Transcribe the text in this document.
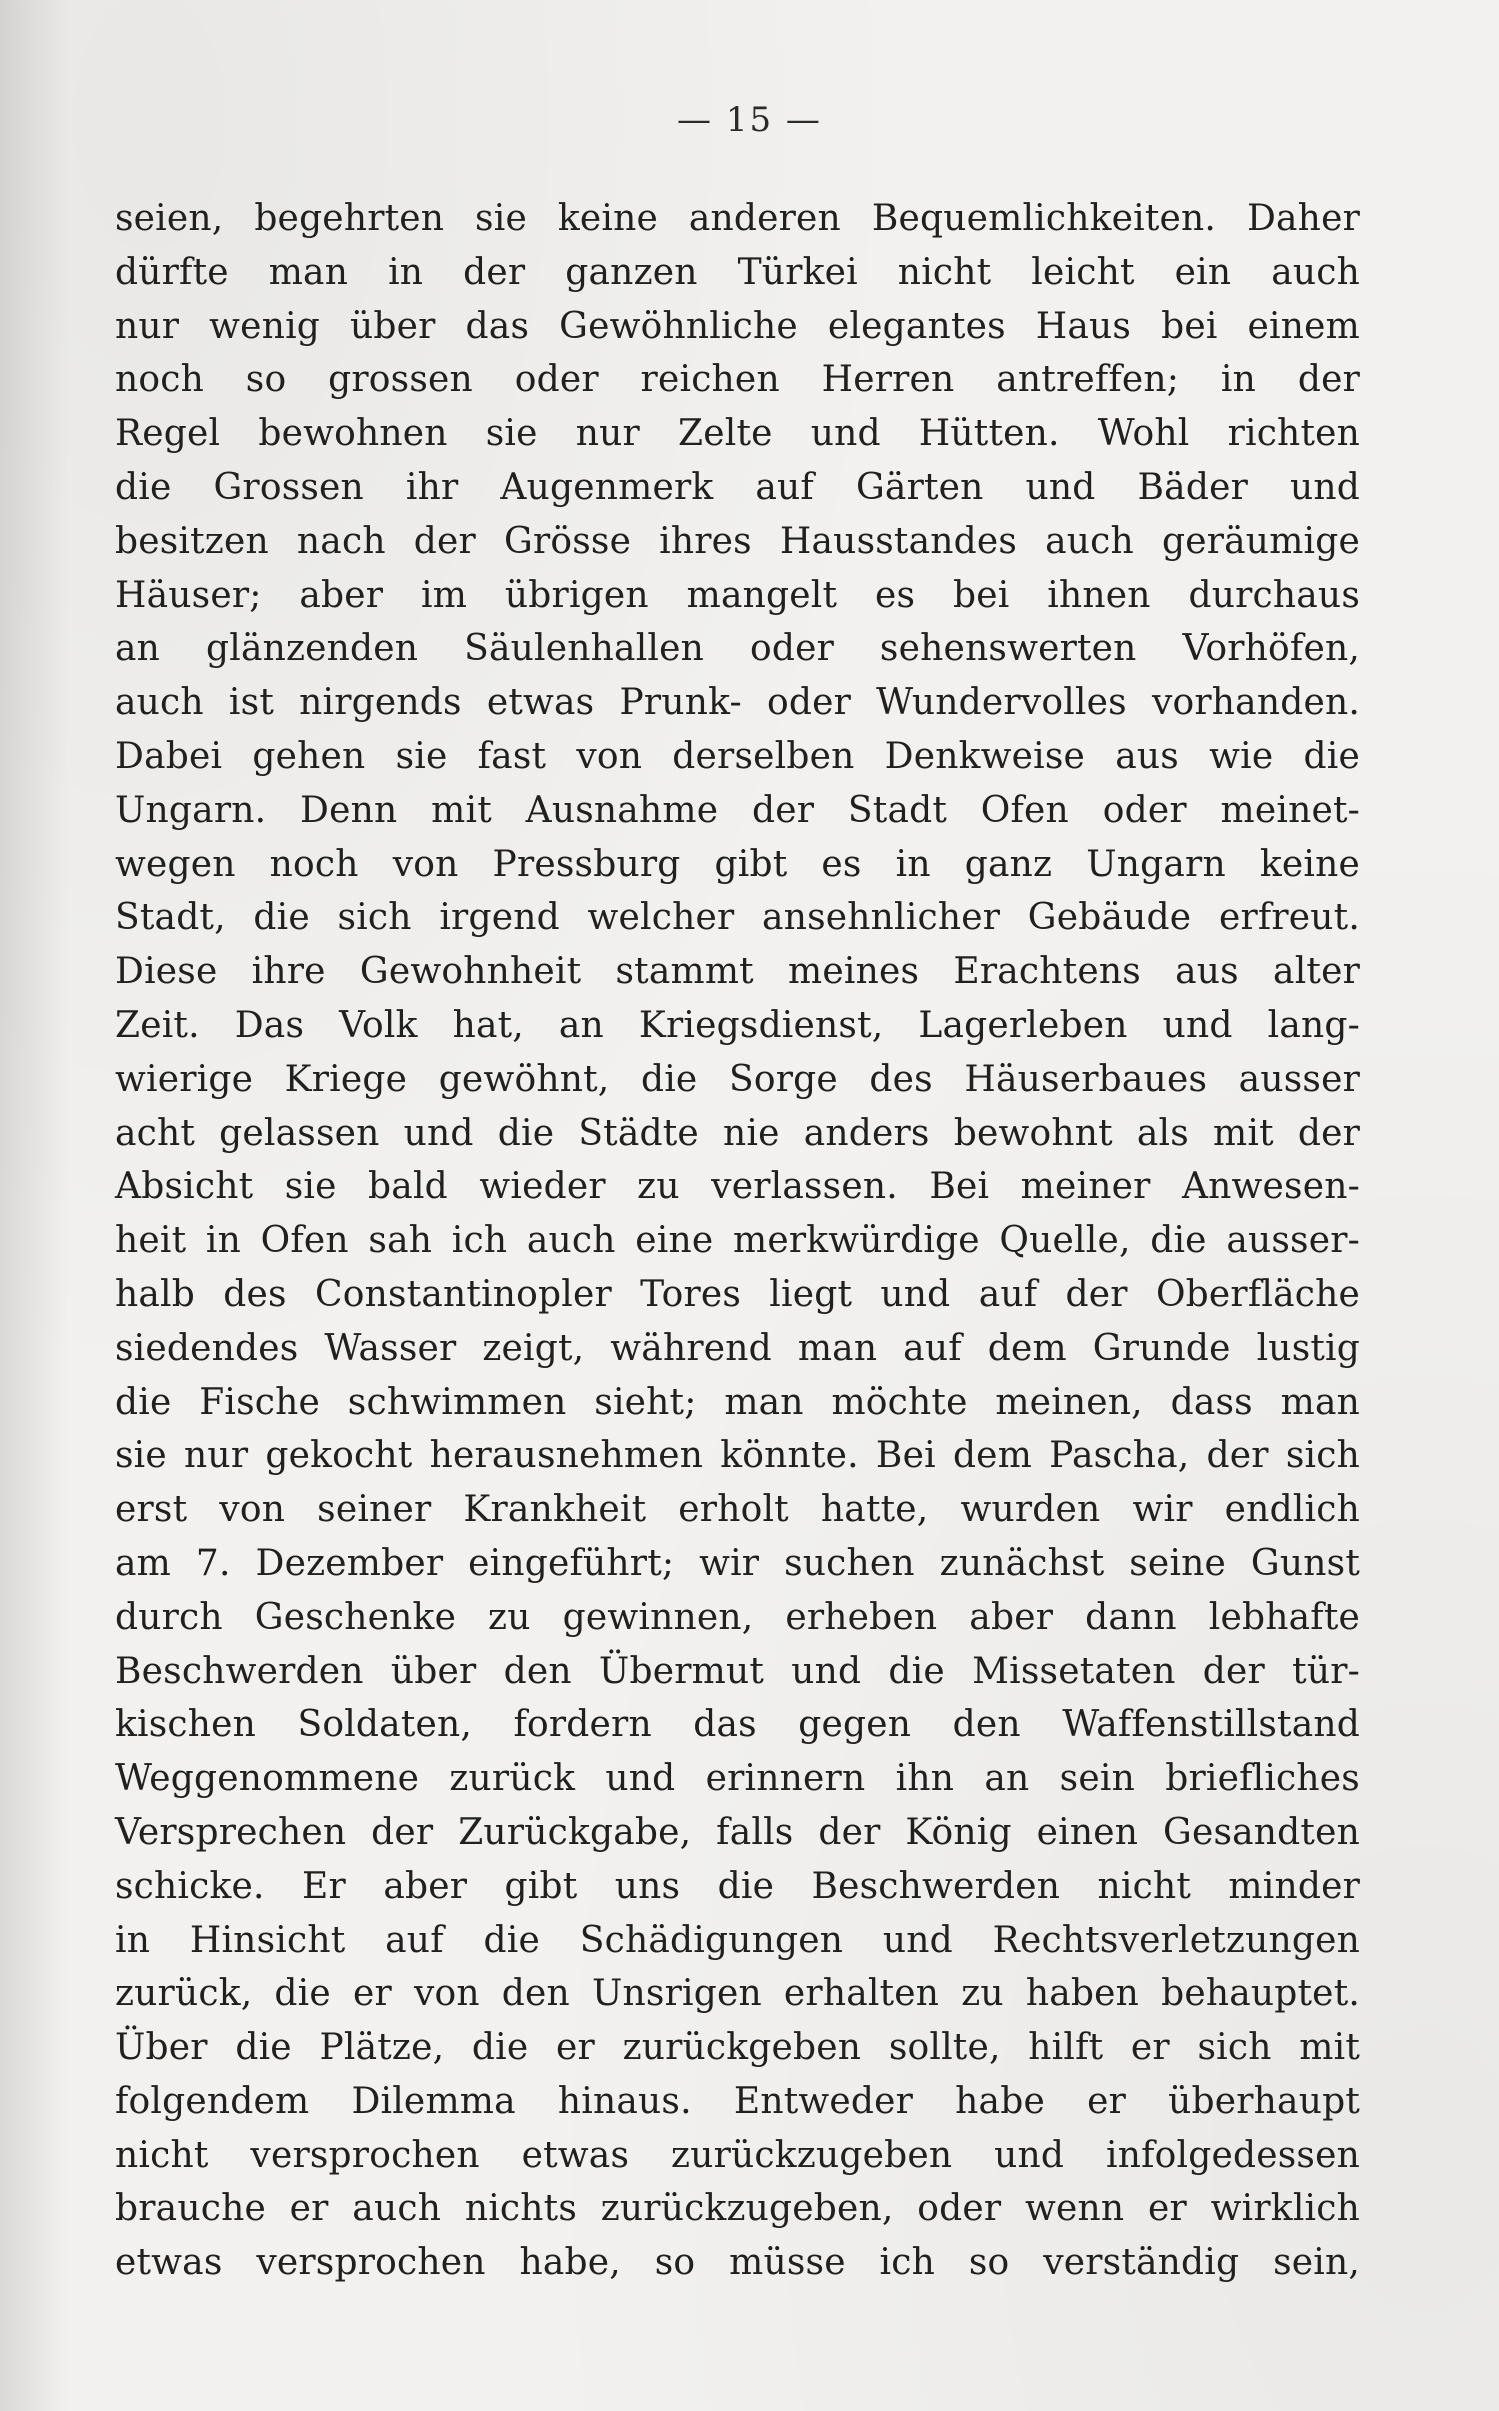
— 15 —
seien, begehrten sie keine anderen Bequemlichkeiten. Daher
dürfte man in der ganzen Türkei nicht leicht ein auch
nur wenig über das Gewöhnliche elegantes Haus bei einem
noch so grossen oder reichen Herren antreffen; in der
Regel bewohnen sie nur Zelte und Hütten. Wohl richten
die Grossen ihr Augenmerk auf Gärten und Bäder und
besitzen nach der Grösse ihres Hausstandes auch geräumige
Häuser; aber im übrigen mangelt es bei ihnen durchaus
an glänzenden Säulenhallen oder sehenswerten Vorhöfen,
auch ist nirgends etwas Prunk- oder Wundervolles vorhanden.
Dabei gehen sie fast von derselben Denkweise aus wie die
Ungarn. Denn mit Ausnahme der Stadt Ofen oder meinet-
wegen noch von Pressburg gibt es in ganz Ungarn keine
Stadt, die sich irgend welcher ansehnlicher Gebäude erfreut.
Diese ihre Gewohnheit stammt meines Erachtens aus alter
Zeit. Das Volk hat, an Kriegsdienst, Lagerleben und lang-
wierige Kriege gewöhnt, die Sorge des Häuserbaues ausser
acht gelassen und die Städte nie anders bewohnt als mit der
Absicht sie bald wieder zu verlassen. Bei meiner Anwesen-
heit in Ofen sah ich auch eine merkwürdige Quelle, die ausser-
halb des Constantinopler Tores liegt und auf der Oberfläche
siedendes Wasser zeigt, während man auf dem Grunde lustig
die Fische schwimmen sieht; man möchte meinen, dass man
sie nur gekocht herausnehmen könnte. Bei dem Pascha, der sich
erst von seiner Krankheit erholt hatte, wurden wir endlich
am 7. Dezember eingeführt; wir suchen zunächst seine Gunst
durch Geschenke zu gewinnen, erheben aber dann lebhafte
Beschwerden über den Übermut und die Missetaten der tür-
kischen Soldaten, fordern das gegen den Waffenstillstand
Weggenommene zurück und erinnern ihn an sein briefliches
Versprechen der Zurückgabe, falls der König einen Gesandten
schicke. Er aber gibt uns die Beschwerden nicht minder
in Hinsicht auf die Schädigungen und Rechtsverletzungen
zurück, die er von den Unsrigen erhalten zu haben behauptet.
Über die Plätze, die er zurückgeben sollte, hilft er sich mit
folgendem Dilemma hinaus. Entweder habe er überhaupt
nicht versprochen etwas zurückzugeben und infolgedessen
brauche er auch nichts zurückzugeben, oder wenn er wirklich
etwas versprochen habe, so müsse ich so verständig sein,
